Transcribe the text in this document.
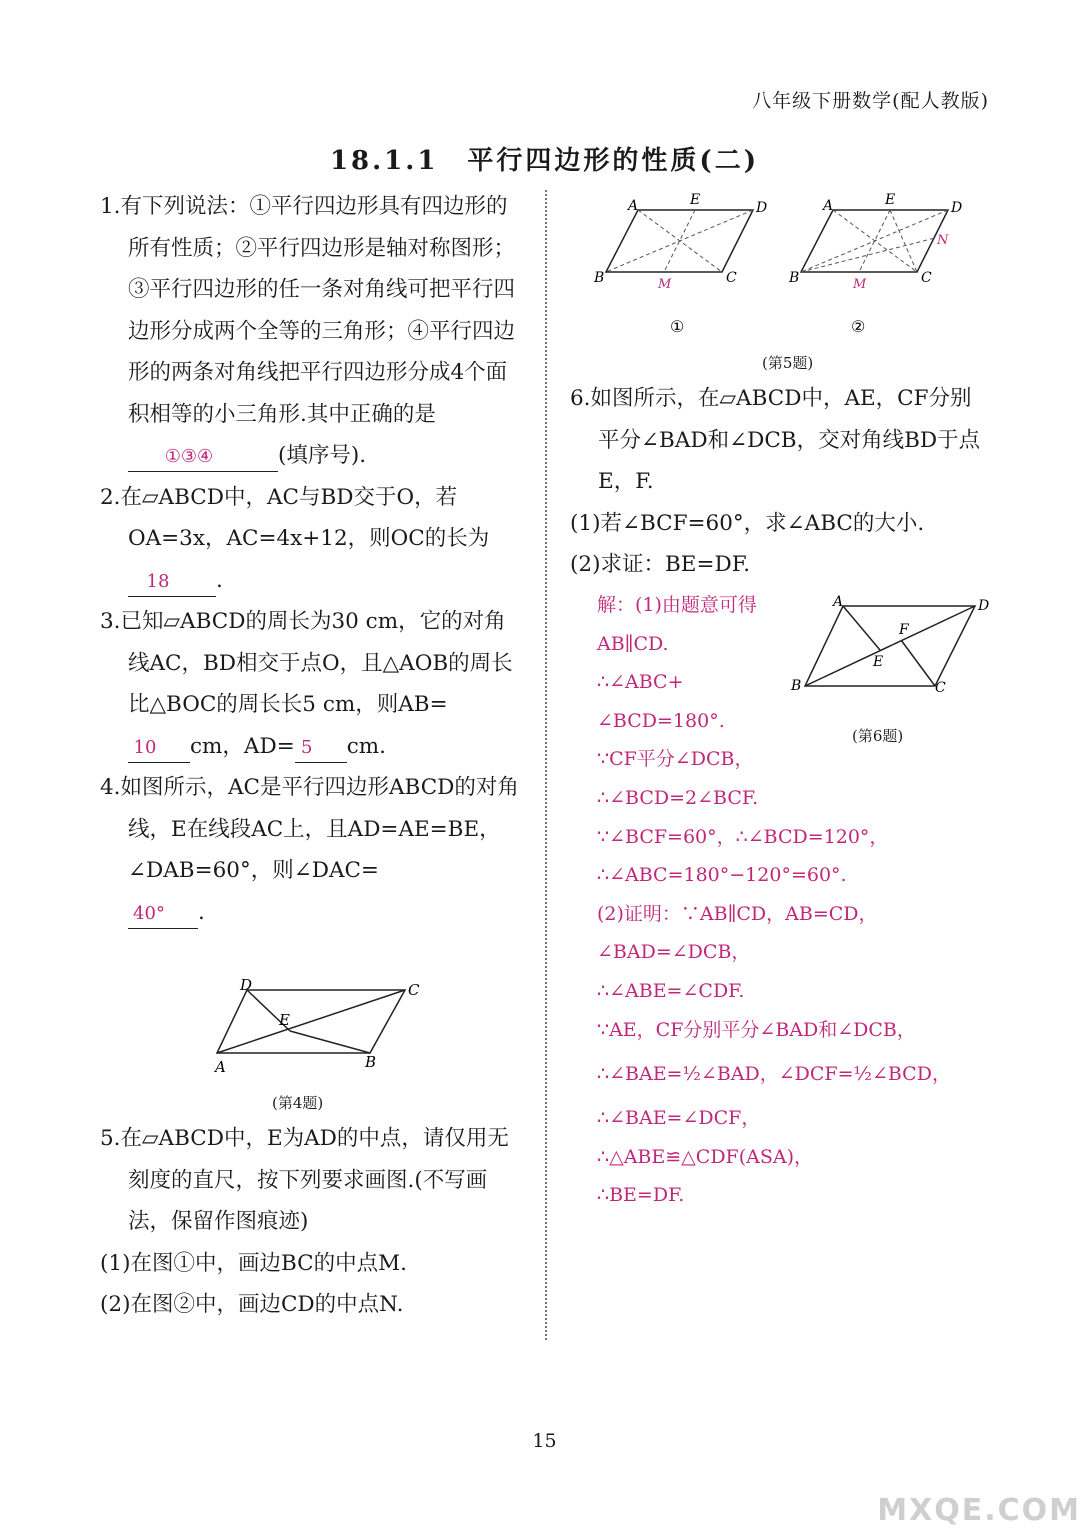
八年级下册数学(配人教版)
18.1.1　平行四边形的性质(二)
1.有下列说法：①平行四边形具有四边形的所有性质；②平行四边形是轴对称图形；③平行四边形的任一条对角线可把平行四边形分成两个全等的三角形；④平行四边形的两条对角线把平行四边形分成4个面积相等的小三角形.其中正确的是①③④	(填序号).
2.在▱ABCD中，AC与BD交于O，若OA=3x，AC=4x+12，则OC的长为
18 .
3.已知▱ABCD的周长为30 cm，它的对角线AC，BD相交于点O，且△AOB的周长比△BOC的周长长5 cm，则AB=
10 cm，AD= 5 cm.
4.如图所示，AC是平行四边形ABCD的对角线，E在线段AC上，且AD=AE=BE，∠DAB=60°，则∠DAC=
40° .
D	C
E
A	B
(第4题)
5.在▱ABCD中，E为AD的中点，请仅用无刻度的直尺，按下列要求画图.(不写画法，保留作图痕迹)
(1)在图①中，画边BC的中点M.
(2)在图②中，画边CD的中点N.
A	E	D
B	M	C
①
A	E	D
N
B	M	C
②
(第5题)
6.如图所示，在▱ABCD中，AE，CF分别平分∠BAD和∠DCB，交对角线BD于点E，F.
(1)若∠BCF=60°，求∠ABC的大小.
(2)求证：BE=DF.
A	D
F
E
B	C
(第6题)
解：(1)由题意可得
AB∥CD.
∴∠ABC+
∠BCD=180°.
∵CF平分∠DCB，
∴∠BCD=2∠BCF.
∵∠BCF=60°，∴∠BCD=120°，
∴∠ABC=180°−120°=60°.
(2)证明：∵AB∥CD，AB=CD，
∠BAD=∠DCB，
∴∠ABE=∠CDF.
∵AE，CF分别平分∠BAD和∠DCB，
∴∠BAE=½∠BAD，∠DCF=½∠BCD，
∴∠BAE=∠DCF，
∴△ABE≌△CDF(ASA)，
∴BE=DF.
15
MXQE.COM
